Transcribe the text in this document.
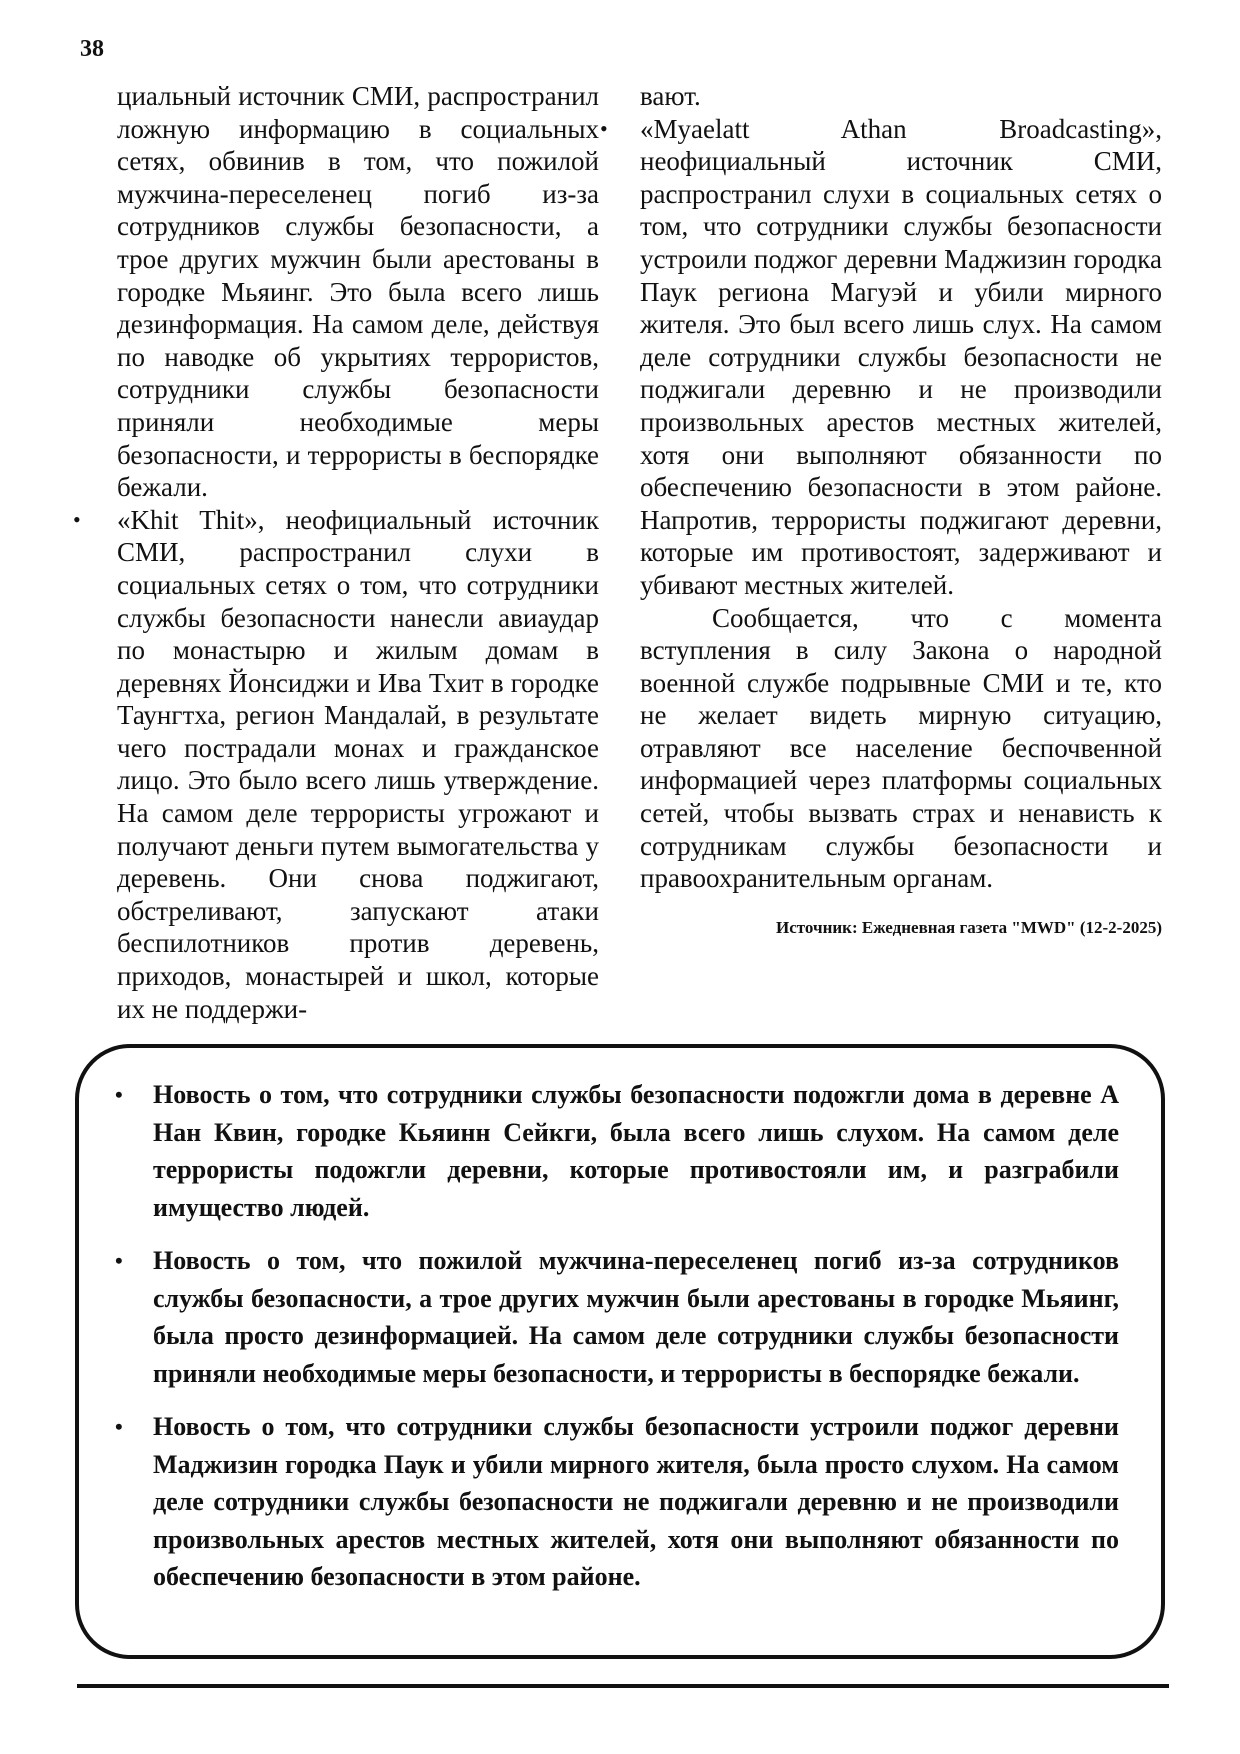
38

циальный источник СМИ, распространил ложную информацию в социальных сетях, обвинив в том, что пожилой мужчина-переселенец погиб из-за сотрудников службы безопасности, а трое других мужчин были арестованы в городке Мьяинг. Это была всего лишь дезинформация. На самом деле, действуя по наводке об укрытиях террористов, сотрудники службы безопасности приняли необходимые меры безопасности, и террористы в беспорядке бежали.

• «Khit Thit», неофициальный источник СМИ, распространил слухи в социальных сетях о том, что сотрудники службы безопасности нанесли авиаудар по монастырю и жилым домам в деревнях Йонсиджи и Ива Тхит в городке Таунгтха, регион Мандалай, в результате чего пострадали монах и гражданское лицо. Это было всего лишь утверждение. На самом деле террористы угрожают и получают деньги путем вымогательства у деревень. Они снова поджигают, обстреливают, запускают атаки беспилотников против деревень, приходов, монастырей и школ, которые их не поддержи-

вают.

• «Myaelatt Athan Broadcasting», неофициальный источник СМИ, распространил слухи в социальных сетях о том, что сотрудники службы безопасности устроили поджог деревни Маджизин городка Паук региона Магуэй и убили мирного жителя. Это был всего лишь слух. На самом деле сотрудники службы безопасности не поджигали деревню и не производили произвольных арестов местных жителей, хотя они выполняют обязанности по обеспечению безопасности в этом районе. Напротив, террористы поджигают деревни, которые им противостоят, задерживают и убивают местных жителей.

Сообщается, что с момента вступления в силу Закона о народной военной службе подрывные СМИ и те, кто не желает видеть мирную ситуацию, отравляют все население беспочвенной информацией через платформы социальных сетей, чтобы вызвать страх и ненависть к сотрудникам службы безопасности и правоохранительным органам.

Источник: Ежедневная газета "MWD" (12-2-2025)
• Новость о том, что сотрудники службы безопасности подожгли дома в деревне А Нан Квин, городке Кьяинн Сейкги, была всего лишь слухом. На самом деле террористы подожгли деревни, которые противостояли им, и разграбили имущество людей.
• Новость о том, что пожилой мужчина-переселенец погиб из-за сотрудников службы безопасности, а трое других мужчин были арестованы в городке Мьяинг, была просто дезинформацией. На самом деле сотрудники службы безопасности приняли необходимые меры безопасности, и террористы в беспорядке бежали.
• Новость о том, что сотрудники службы безопасности устроили поджог деревни Маджизин городка Паук и убили мирного жителя, была просто слухом. На самом деле сотрудники службы безопасности не поджигали деревню и не производили произвольных арестов местных жителей, хотя они выполняют обязанности по обеспечению безопасности в этом районе.
